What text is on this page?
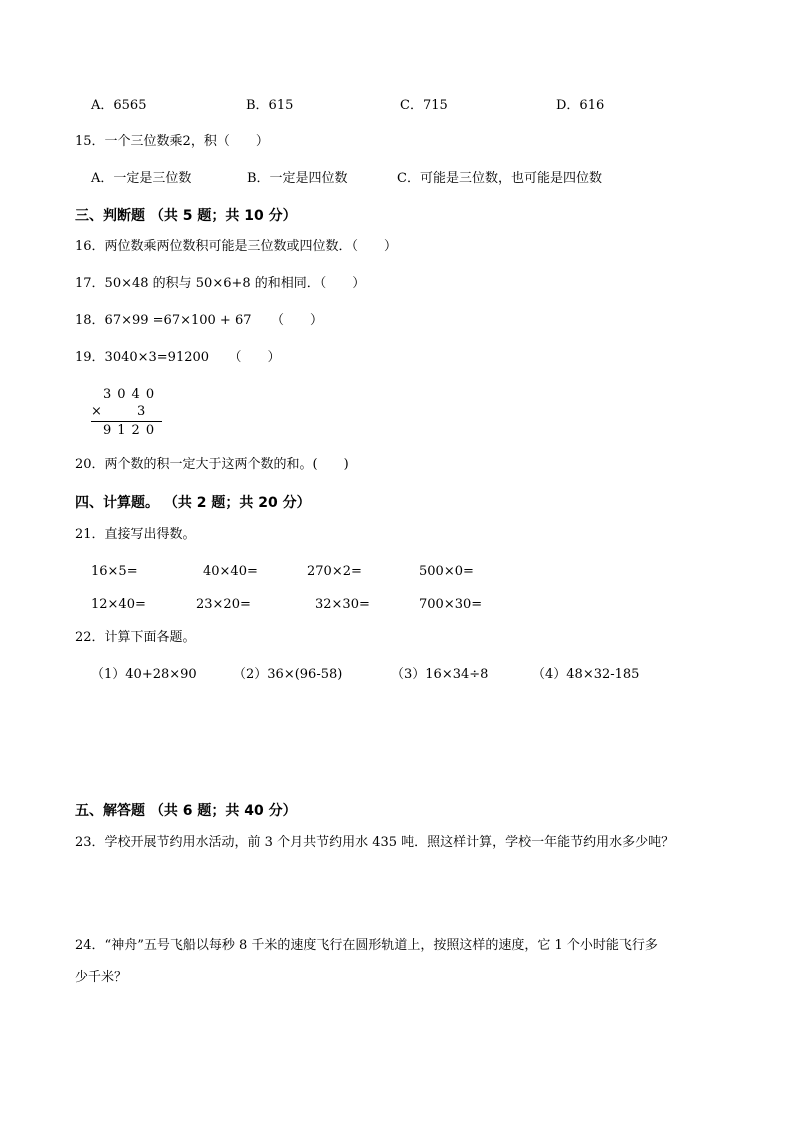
A．6565	B．615	C．715	D．616
15．一个三位数乘2，积（　　）
A．一定是三位数	B．一定是四位数	C．可能是三位数，也可能是四位数
三、判断题 （共 5 题；共 10 分）
16．两位数乘两位数积可能是三位数或四位数．（　　）
17．50×48 的积与 50×6+8 的和相同．（　　）
18．67×99 =67×100 + 67　　（　　）
19．3040×3=91200　　（　　）
3040
×	3
9120
20．两个数的积一定大于这两个数的和。(　　)
四、计算题。 （共 2 题；共 20 分）
21．直接写出得数。
16×5=	40×40=	270×2=	500×0=
12×40=	23×20=	32×30=	700×30=
22．计算下面各题。
（1）40+28×90	（2）36×(96-58)	（3）16×34÷8	（4）48×32-185
五、解答题 （共 6 题；共 40 分）
23．学校开展节约用水活动，前 3 个月共节约用水 435 吨．照这样计算，学校一年能节约用水多少吨？
24．“神舟”五号飞船以每秒 8 千米的速度飞行在圆形轨道上，按照这样的速度，它 1 个小时能飞行多
少千米？
